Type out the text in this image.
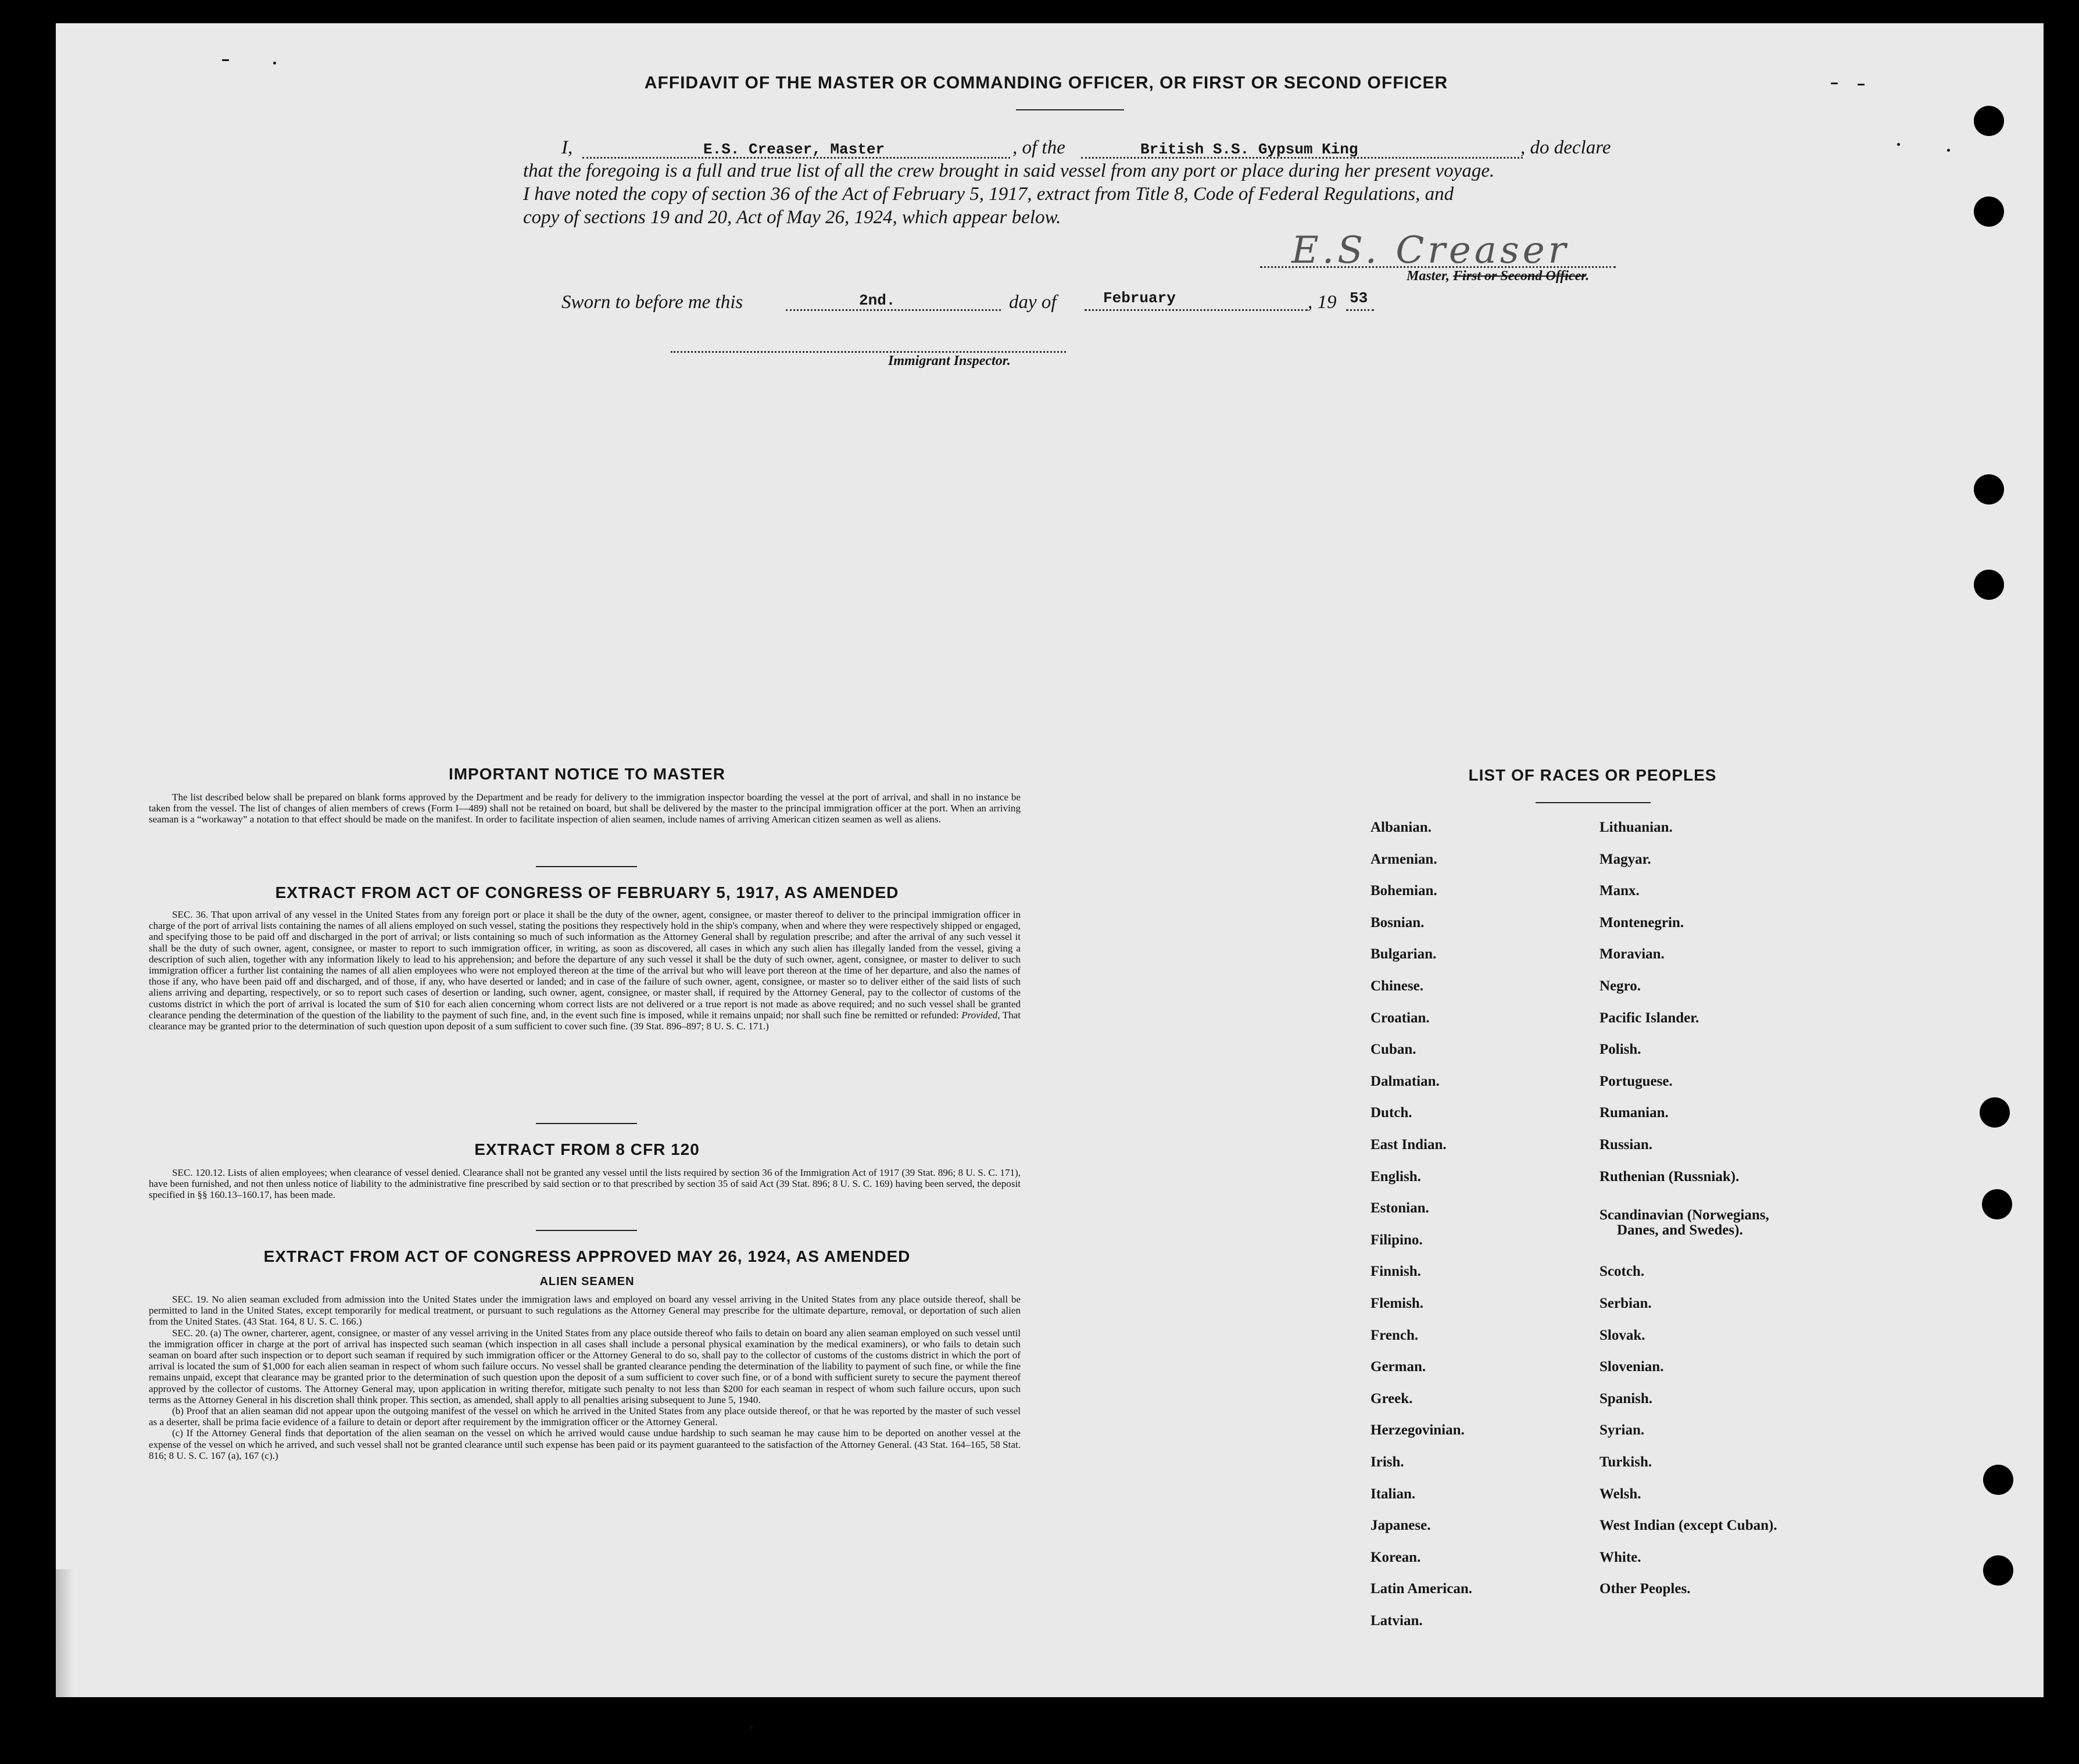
AFFIDAVIT OF THE MASTER OR COMMANDING OFFICER, OR FIRST OR SECOND OFFICER
I,	E.S. Creaser, Master	, of the	British S.S. Gypsum King	, do declare
that the foregoing is a full and true list of all the crew brought in said vessel from any port or place during her present voyage.
I have noted the copy of section 36 of the Act of February 5, 1917, extract from Title 8, Code of Federal Regulations, and
copy of sections 19 and 20, Act of May 26, 1924, which appear below.
E.S. Creaser
Master, First or Second Officer.
Sworn to before me this	2nd.	day of	February	, 19 53
Immigrant Inspector.
IMPORTANT NOTICE TO MASTER

The list described below shall be prepared on blank forms approved by the Department and be ready for delivery to the immigration inspector boarding the vessel at the port of arrival, and shall in no instance be taken from the vessel. The list of changes of alien members of crews (Form I—489) shall not be retained on board, but shall be delivered by the master to the principal immigration officer at the port. When an arriving seaman is a “workaway” a notation to that effect should be made on the manifest. In order to facilitate inspection of alien seamen, include names of arriving American citizen seamen as well as aliens.

EXTRACT FROM ACT OF CONGRESS OF FEBRUARY 5, 1917, AS AMENDED

SEC. 36. That upon arrival of any vessel in the United States from any foreign port or place it shall be the duty of the owner, agent, consignee, or master thereof to deliver to the principal immigration officer in charge of the port of arrival lists containing the names of all aliens employed on such vessel, stating the positions they respectively hold in the ship's company, when and where they were respectively shipped or engaged, and specifying those to be paid off and discharged in the port of arrival; or lists containing so much of such information as the Attorney General shall by regulation prescribe; and after the arrival of any such vessel it shall be the duty of such owner, agent, consignee, or master to report to such immigration officer, in writing, as soon as discovered, all cases in which any such alien has illegally landed from the vessel, giving a description of such alien, together with any information likely to lead to his apprehension; and before the departure of any such vessel it shall be the duty of such owner, agent, consignee, or master to deliver to such immigration officer a further list containing the names of all alien employees who were not employed thereon at the time of the arrival but who will leave port thereon at the time of her departure, and also the names of those if any, who have been paid off and discharged, and of those, if any, who have deserted or landed; and in case of the failure of such owner, agent, consignee, or master so to deliver either of the said lists of such aliens arriving and departing, respectively, or so to report such cases of desertion or landing, such owner, agent, consignee, or master shall, if required by the Attorney General, pay to the collector of customs of the customs district in which the port of arrival is located the sum of $10 for each alien concerning whom correct lists are not delivered or a true report is not made as above required; and no such vessel shall be granted clearance pending the determination of the question of the liability to the payment of such fine, and, in the event such fine is imposed, while it remains unpaid; nor shall such fine be remitted or refunded: Provided, That clearance may be granted prior to the determination of such question upon deposit of a sum sufficient to cover such fine. (39 Stat. 896–897; 8 U. S. C. 171.)

EXTRACT FROM 8 CFR 120

SEC. 120.12. Lists of alien employees; when clearance of vessel denied. Clearance shall not be granted any vessel until the lists required by section 36 of the Immigration Act of 1917 (39 Stat. 896; 8 U. S. C. 171), have been furnished, and not then unless notice of liability to the administrative fine prescribed by said section or to that prescribed by section 35 of said Act (39 Stat. 896; 8 U. S. C. 169) having been served, the deposit specified in §§ 160.13–160.17, has been made.

EXTRACT FROM ACT OF CONGRESS APPROVED MAY 26, 1924, AS AMENDED
ALIEN SEAMEN

SEC. 19. No alien seaman excluded from admission into the United States under the immigration laws and employed on board any vessel arriving in the United States from any place outside thereof, shall be permitted to land in the United States, except temporarily for medical treatment, or pursuant to such regulations as the Attorney General may prescribe for the ultimate departure, removal, or deportation of such alien from the United States. (43 Stat. 164, 8 U. S. C. 166.)
SEC. 20. (a) The owner, charterer, agent, consignee, or master of any vessel arriving in the United States from any place outside thereof who fails to detain on board any alien seaman employed on such vessel until the immigration officer in charge at the port of arrival has inspected such seaman (which inspection in all cases shall include a personal physical examination by the medical examiners), or who fails to detain such seaman on board after such inspection or to deport such seaman if required by such immigration officer or the Attorney General to do so, shall pay to the collector of customs of the customs district in which the port of arrival is located the sum of $1,000 for each alien seaman in respect of whom such failure occurs. No vessel shall be granted clearance pending the determination of the liability to payment of such fine, or while the fine remains unpaid, except that clearance may be granted prior to the determination of such question upon the deposit of a sum sufficient to cover such fine, or of a bond with sufficient surety to secure the payment thereof approved by the collector of customs. The Attorney General may, upon application in writing therefor, mitigate such penalty to not less than $200 for each seaman in respect of whom such failure occurs, upon such terms as the Attorney General in his discretion shall think proper. This section, as amended, shall apply to all penalties arising subsequent to June 5, 1940.
(b) Proof that an alien seaman did not appear upon the outgoing manifest of the vessel on which he arrived in the United States from any place outside thereof, or that he was reported by the master of such vessel as a deserter, shall be prima facie evidence of a failure to detain or deport after requirement by the immigration officer or the Attorney General.
(c) If the Attorney General finds that deportation of the alien seaman on the vessel on which he arrived would cause undue hardship to such seaman he may cause him to be deported on another vessel at the expense of the vessel on which he arrived, and such vessel shall not be granted clearance until such expense has been paid or its payment guaranteed to the satisfaction of the Attorney General. (43 Stat. 164–165, 58 Stat. 816; 8 U. S. C. 167 (a), 167 (c).)

LIST OF RACES OR PEOPLES
Albanian.
Armenian.
Bohemian.
Bosnian.
Bulgarian.
Chinese.
Croatian.
Cuban.
Dalmatian.
Dutch.
East Indian.
English.
Estonian.
Filipino.
Finnish.
Flemish.
French.
German.
Greek.
Herzegovinian.
Irish.
Italian.
Japanese.
Korean.
Latin American.
Latvian.
Lithuanian.
Magyar.
Manx.
Montenegrin.
Moravian.
Negro.
Pacific Islander.
Polish.
Portuguese.
Rumanian.
Russian.
Ruthenian (Russniak).
Scandinavian (Norwegians,
Danes, and Swedes).
Scotch.
Serbian.
Slovak.
Slovenian.
Spanish.
Syrian.
Turkish.
Welsh.
West Indian (except Cuban).
White.
Other Peoples.
